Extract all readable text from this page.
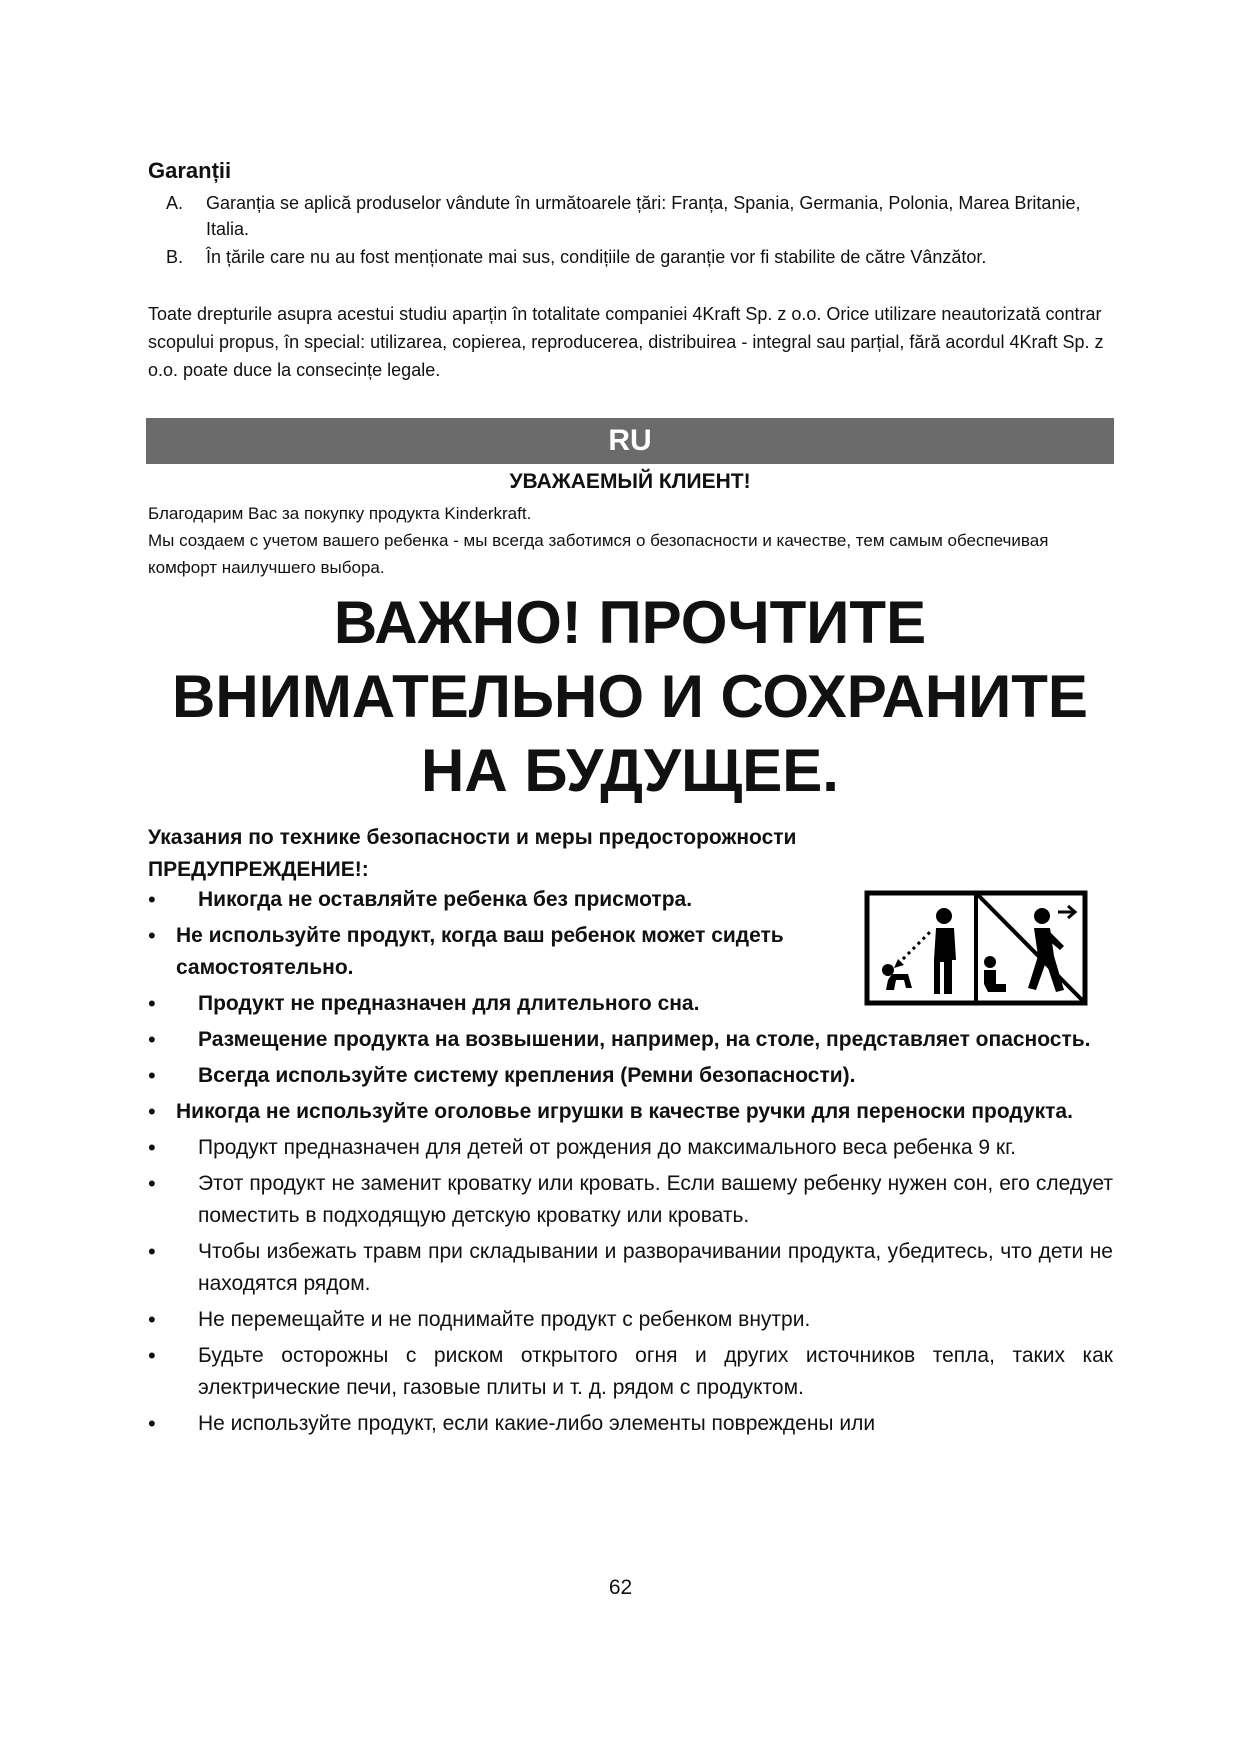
Garanții
A.	Garanția se aplică produselor vândute în următoarele țări: Franța, Spania, Germania, Polonia, Marea Britanie, Italia.
B.	În țările care nu au fost menționate mai sus, condițiile de garanție vor fi stabilite de către Vânzător.
Toate drepturile asupra acestui studiu aparțin în totalitate companiei 4Kraft Sp. z o.o. Orice utilizare neautorizată contrar scopului propus, în special: utilizarea, copierea, reproducerea, distribuirea - integral sau parțial, fără acordul 4Kraft Sp. z o.o. poate duce la consecințe legale.
RU
УВАЖАЕМЫЙ КЛИЕНТ!
Благодарим Вас за покупку продукта Kinderkraft.
Мы создаем с учетом вашего ребенка - мы всегда заботимся о безопасности и качестве, тем самым обеспечивая комфорт наилучшего выбора.
ВАЖНО! ПРОЧТИТЕ ВНИМАТЕЛЬНО И СОХРАНИТЕ НА БУДУЩЕЕ.
Указания по технике безопасности и меры предосторожности
ПРЕДУПРЕЖДЕНИЕ!:
•	Никогда не оставляйте ребенка без присмотра.
• Не используйте продукт, когда ваш ребенок может сидеть самостоятельно.
•	Продукт не предназначен для длительного сна.
•	Размещение продукта на возвышении, например, на столе, представляет опасность.
•	Всегда используйте систему крепления (Ремни безопасности).
• Никогда не используйте оголовье игрушки в качестве ручки для переноски продукта.
•	Продукт предназначен для детей от рождения до максимального веса ребенка 9 кг.
•	Этот продукт не заменит кроватку или кровать. Если вашему ребенку нужен сон, его следует поместить в подходящую детскую кроватку или кровать.
•	Чтобы избежать травм при складывании и разворачивании продукта, убедитесь, что дети не находятся рядом.
•	Не перемещайте и не поднимайте продукт с ребенком внутри.
•	Будьте осторожны с риском открытого огня и других источников тепла, таких как электрические печи, газовые плиты и т. д. рядом с продуктом.
•	Не используйте продукт, если какие-либо элементы повреждены или
62
